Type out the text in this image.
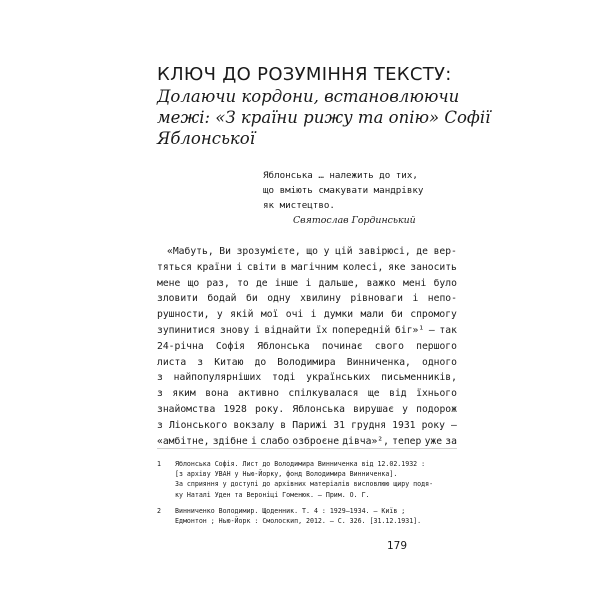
КЛЮЧ ДО РОЗУМІННЯ ТЕКСТУ:
Долаючи кордони, встановлюючи
межі: «З країни рижу та опію» Софії
Яблонської
Яблонська … належить до тих,
що вміють смакувати мандрівку
як мистецтво.
Святослав Гординський
«Мабуть, Ви зрозумієте, що у цій завірюсі, де вер-
тяться країни і світи в магічним колесі, яке заносить
мене що раз, то де інше і дальше, важко мені було
зловити бодай би одну хвилину рівноваги і непо-
рушности, у якій мої очі і думки мали би спромогу
зупинитися знову і віднайти їх попередній біг»¹ — так
24-річна Софія Яблонська починає свого першого
листа з Китаю до Володимира Винниченка, одного
з найпопулярніших тоді українських письменників,
з яким вона активно спілкувалася ще від їхнього
знайомства 1928 року. Яблонська вирушає у подорож
з Ліонського вокзалу в Парижі 31 грудня 1931 року —
«амбітне, здібне і слабо озброєне дівча»², тепер уже за
1	Яблонська Софія. Лист до Володимира Винниченка від 12.02.1932 :
[з архіву УВАН у Нью-Йорку, фонд Володимира Винниченка].
За сприяння у доступі до архівних матеріалів висловлюю щиру подя-
ку Наталі Уден та Вероніці Гоменюк. — Прим. О. Г.
2	Винниченко Володимир. Щоденник. Т. 4 : 1929–1934. — Київ ;
Едмонтон ; Нью-Йорк : Смолоскип, 2012. — С. 326. [31.12.1931].
179
